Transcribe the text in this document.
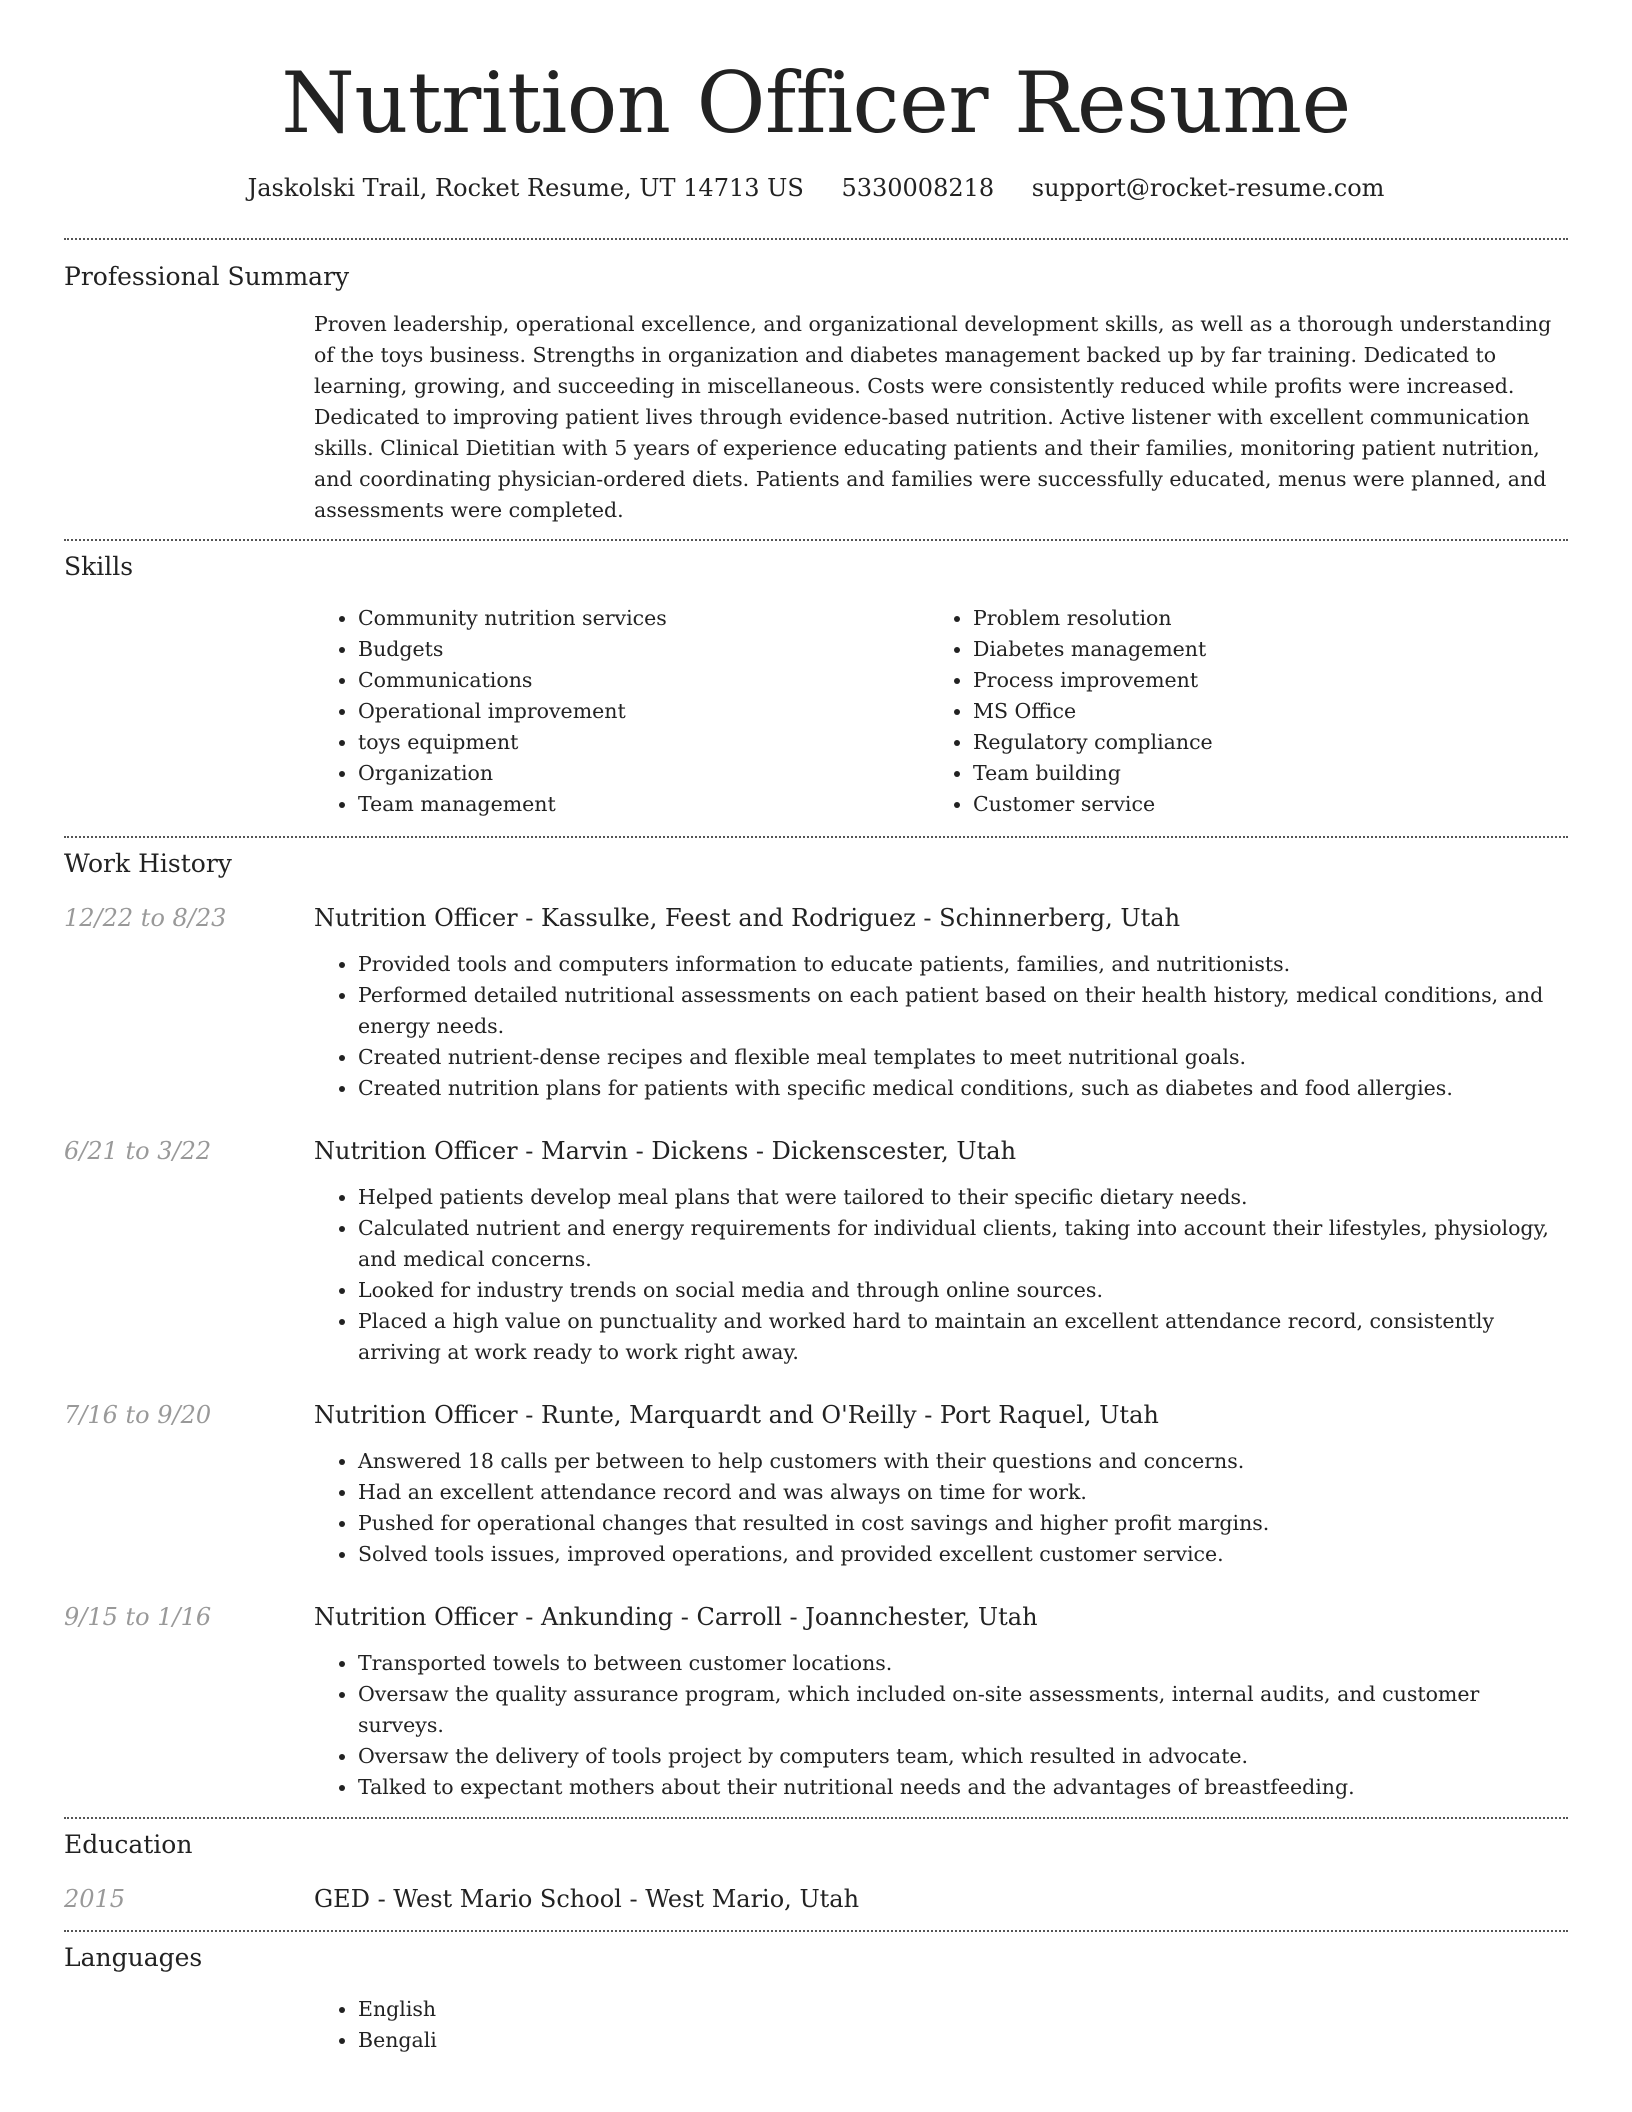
Nutrition Officer Resume
Jaskolski Trail, Rocket Resume, UT 14713 US 5330008218 support@rocket-resume.com
Professional Summary

Proven leadership, operational excellence, and organizational development skills, as well as a thorough understanding of the toys business. Strengths in organization and diabetes management backed up by far training. Dedicated to learning, growing, and succeeding in miscellaneous. Costs were consistently reduced while profits were increased. Dedicated to improving patient lives through evidence-based nutrition. Active listener with excellent communication skills. Clinical Dietitian with 5 years of experience educating patients and their families, monitoring patient nutrition, and coordinating physician-ordered diets. Patients and families were successfully educated, menus were planned, and assessments were completed.

Skills
• Community nutrition services
• Budgets
• Communications
• Operational improvement
• toys equipment
• Organization
• Team management
• Problem resolution
• Diabetes management
• Process improvement
• MS Office
• Regulatory compliance
• Team building
• Customer service
Work History
12/22 to 8/23	Nutrition Officer - Kassulke, Feest and Rodriguez - Schinnerberg, Utah

• Provided tools and computers information to educate patients, families, and nutritionists.
• Performed detailed nutritional assessments on each patient based on their health history, medical conditions, and energy needs.
• Created nutrient-dense recipes and flexible meal templates to meet nutritional goals.
• Created nutrition plans for patients with specific medical conditions, such as diabetes and food allergies.
6/21 to 3/22	Nutrition Officer - Marvin - Dickens - Dickenscester, Utah

• Helped patients develop meal plans that were tailored to their specific dietary needs.
• Calculated nutrient and energy requirements for individual clients, taking into account their lifestyles, physiology, and medical concerns.
• Looked for industry trends on social media and through online sources.
• Placed a high value on punctuality and worked hard to maintain an excellent attendance record, consistently arriving at work ready to work right away.
7/16 to 9/20	Nutrition Officer - Runte, Marquardt and O'Reilly - Port Raquel, Utah

• Answered 18 calls per between to help customers with their questions and concerns.
• Had an excellent attendance record and was always on time for work.
• Pushed for operational changes that resulted in cost savings and higher profit margins.
• Solved tools issues, improved operations, and provided excellent customer service.
9/15 to 1/16	Nutrition Officer - Ankunding - Carroll - Joannchester, Utah

• Transported towels to between customer locations.
• Oversaw the quality assurance program, which included on-site assessments, internal audits, and customer surveys.
• Oversaw the delivery of tools project by computers team, which resulted in advocate.
• Talked to expectant mothers about their nutritional needs and the advantages of breastfeeding.
Education
2015	GED - West Mario School - West Mario, Utah

Languages
• English
• Bengali
